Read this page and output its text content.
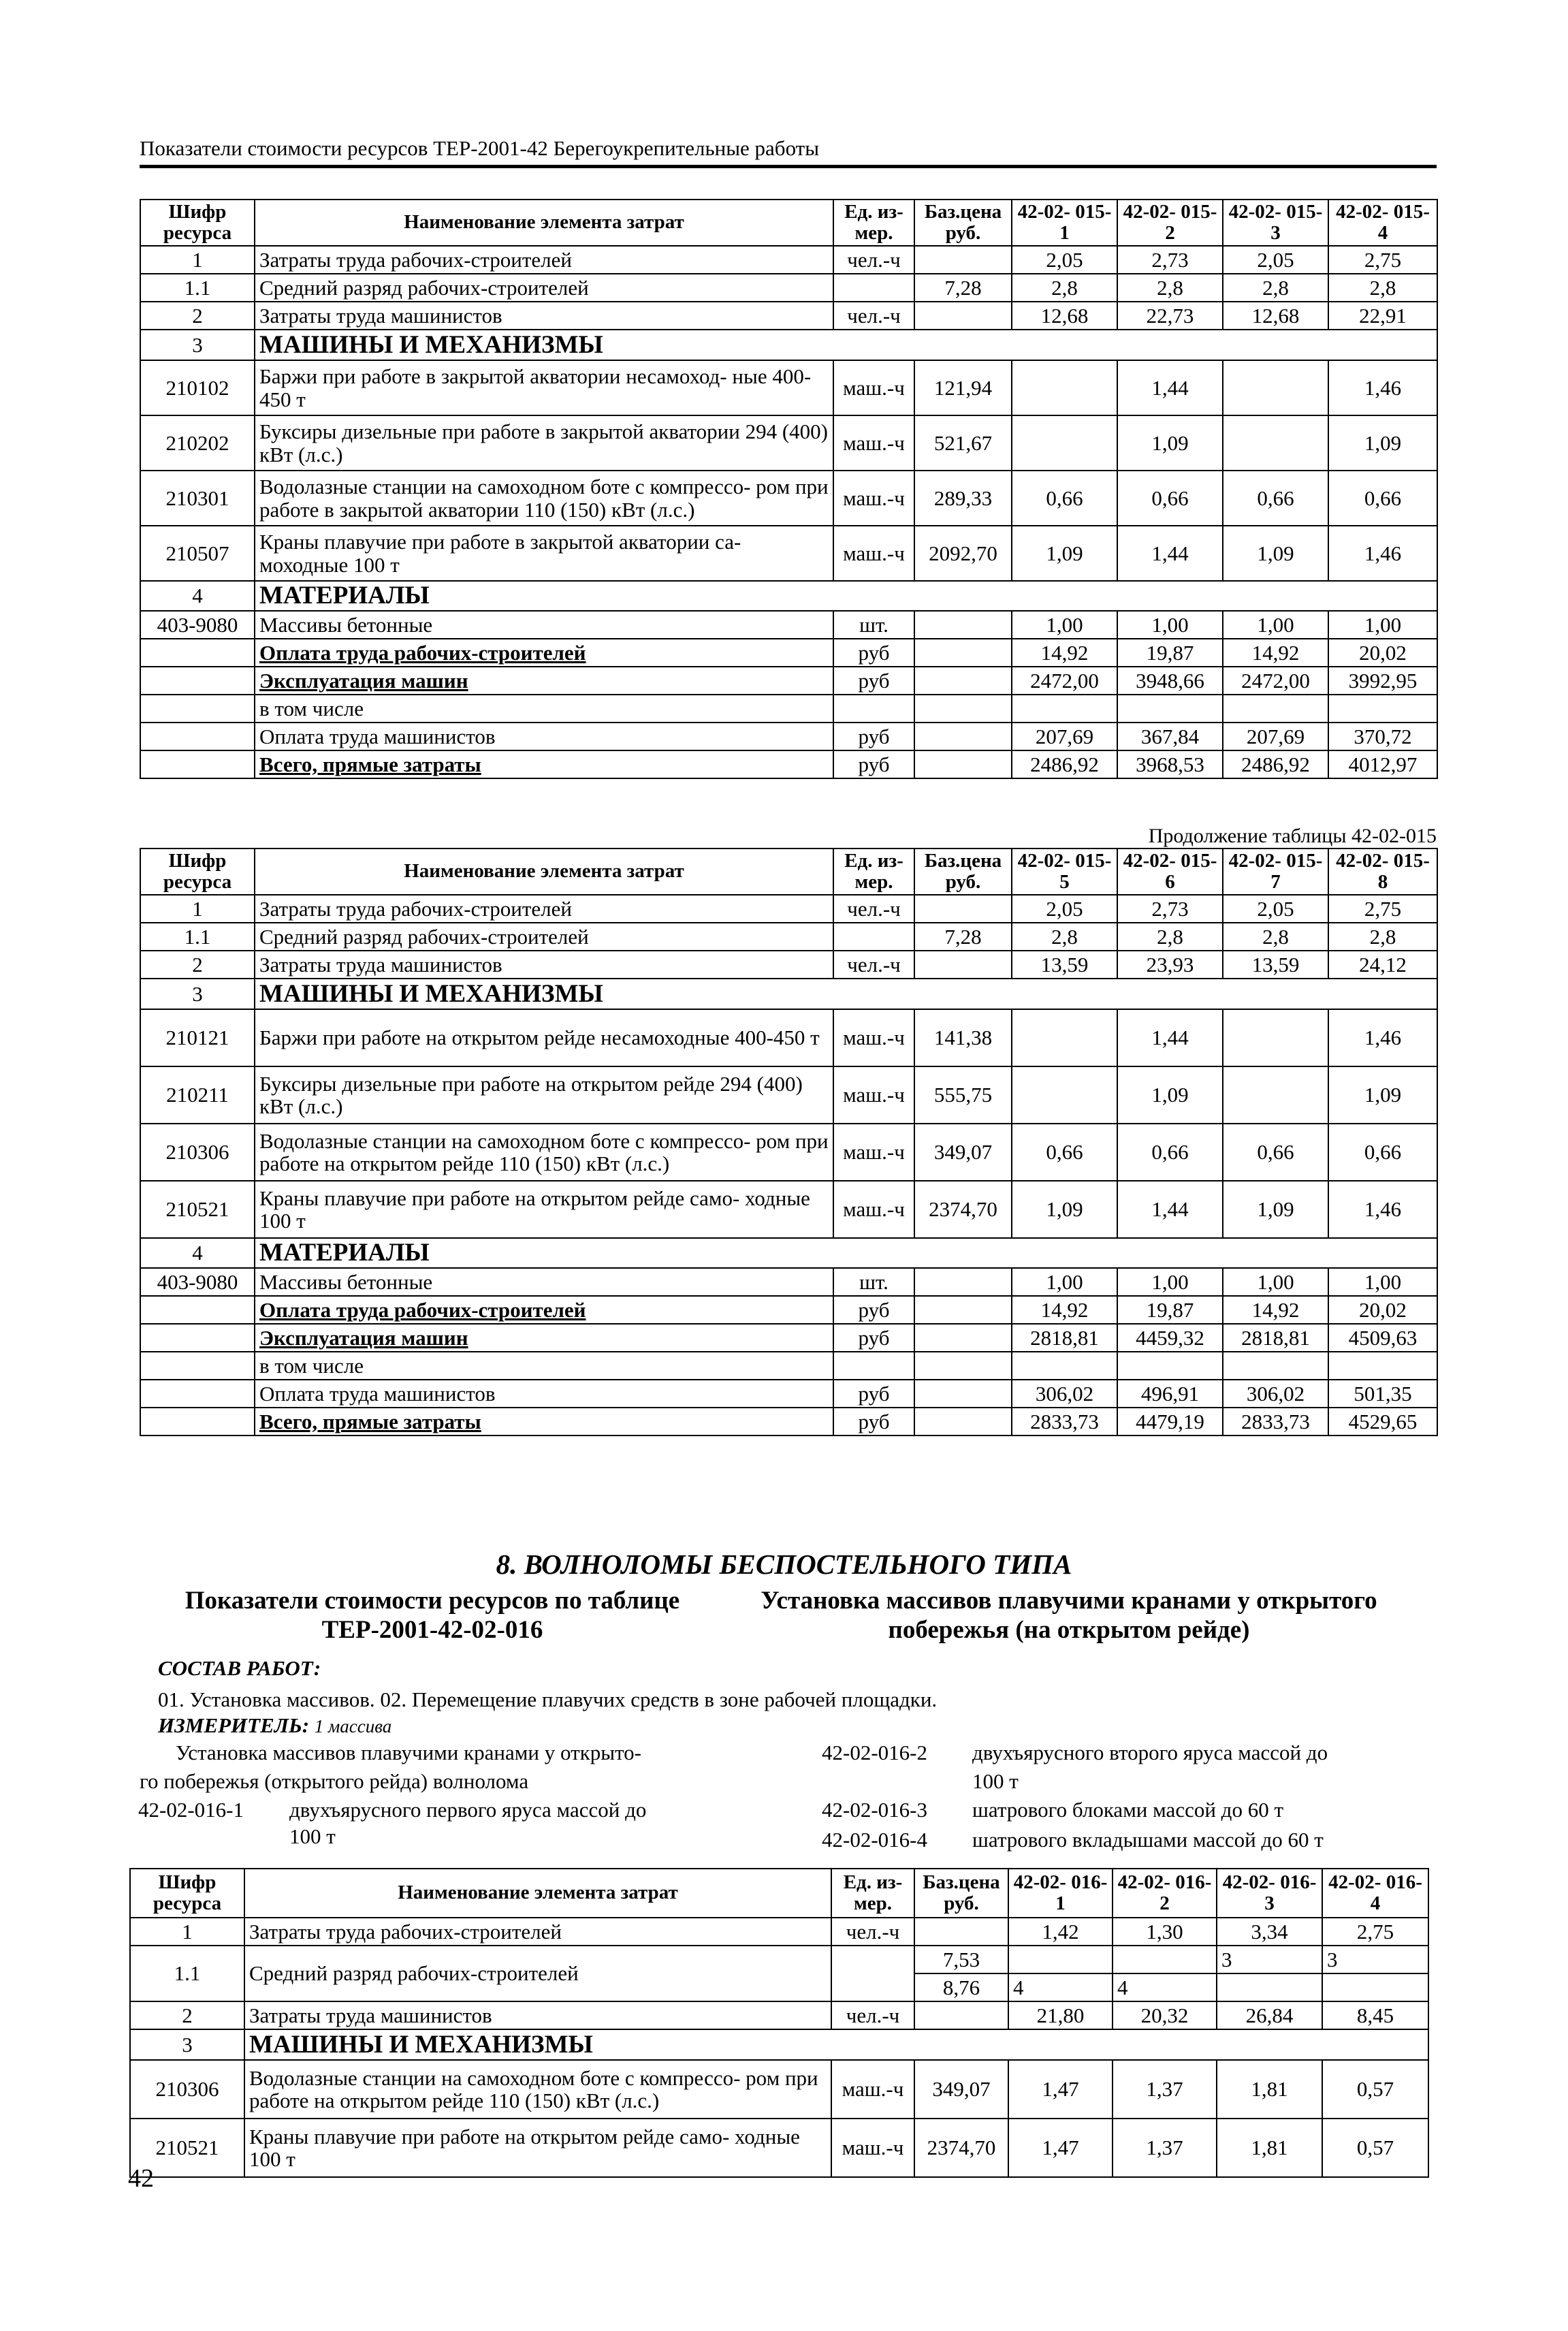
Показатели стоимости ресурсов ТЕР-2001-42 Берегоукрепительные работы
Шифр ресурса	Наименование элемента затрат	Ед. из- мер.	Баз.цена руб.	42-02- 015-1	42-02- 015-2	42-02- 015-3	42-02- 015-4
1	Затраты труда рабочих-строителей	чел.-ч		2,05	2,73	2,05	2,75
1.1	Средний разряд рабочих-строителей		7,28	2,8	2,8	2,8	2,8
2	Затраты труда машинистов	чел.-ч		12,68	22,73	12,68	22,91
3	МАШИНЫ И МЕХАНИЗМЫ						
210102	Баржи при работе в закрытой акватории несамоход- ные 400-450 т	маш.-ч	121,94		1,44		1,46
210202	Буксиры дизельные при работе в закрытой акватории 294 (400) кВт (л.с.)	маш.-ч	521,67		1,09		1,09
210301	Водолазные станции на самоходном боте с компрессо- ром при работе в закрытой акватории 110 (150) кВт (л.с.)	маш.-ч	289,33	0,66	0,66	0,66	0,66
210507	Краны плавучие при работе в закрытой акватории са- моходные 100 т	маш.-ч	2092,70	1,09	1,44	1,09	1,46
4	МАТЕРИАЛЫ						
403-9080	Массивы бетонные	шт.		1,00	1,00	1,00	1,00
	Оплата труда рабочих-строителей	руб		14,92	19,87	14,92	20,02
	Эксплуатация машин	руб		2472,00	3948,66	2472,00	3992,95
	в том числе						
	Оплата труда машинистов	руб		207,69	367,84	207,69	370,72
	Всего, прямые затраты	руб		2486,92	3968,53	2486,92	4012,97
Продолжение таблицы 42-02-015
Шифр ресурса	Наименование элемента затрат	Ед. из- мер.	Баз.цена руб.	42-02- 015-5	42-02- 015-6	42-02- 015-7	42-02- 015-8
1	Затраты труда рабочих-строителей	чел.-ч		2,05	2,73	2,05	2,75
1.1	Средний разряд рабочих-строителей		7,28	2,8	2,8	2,8	2,8
2	Затраты труда машинистов	чел.-ч		13,59	23,93	13,59	24,12
3	МАШИНЫ И МЕХАНИЗМЫ						
210121	Баржи при работе на открытом рейде несамоходные 400-450 т	маш.-ч	141,38		1,44		1,46
210211	Буксиры дизельные при работе на открытом рейде 294 (400) кВт (л.с.)	маш.-ч	555,75		1,09		1,09
210306	Водолазные станции на самоходном боте с компрессо- ром при работе на открытом рейде 110 (150) кВт (л.с.)	маш.-ч	349,07	0,66	0,66	0,66	0,66
210521	Краны плавучие при работе на открытом рейде само- ходные 100 т	маш.-ч	2374,70	1,09	1,44	1,09	1,46
4	МАТЕРИАЛЫ						
403-9080	Массивы бетонные	шт.		1,00	1,00	1,00	1,00
	Оплата труда рабочих-строителей	руб		14,92	19,87	14,92	20,02
	Эксплуатация машин	руб		2818,81	4459,32	2818,81	4509,63
	в том числе						
	Оплата труда машинистов	руб		306,02	496,91	306,02	501,35
	Всего, прямые затраты	руб		2833,73	4479,19	2833,73	4529,65
8. ВОЛНОЛОМЫ БЕСПОСТЕЛЬНОГО ТИПА
Показатели стоимости ресурсов по таблице ТЕР-2001-42-02-016
Установка массивов плавучими кранами у открытого побережья (на открытом рейде)
СОСТАВ РАБОТ:
01. Установка массивов. 02. Перемещение плавучих средств в зоне рабочей площадки.
ИЗМЕРИТЕЛЬ: 1 массива
Установка массивов плавучими кранами у открыто-
го побережья (открытого рейда) волнолома
42-02-016-1 двухъярусного первого яруса массой до
100 т
42-02-016-2 двухъярусного второго яруса массой до
100 т
42-02-016-3 шатрового блоками массой до 60 т
42-02-016-4 шатрового вкладышами массой до 60 т
Шифр ресурса	Наименование элемента затрат	Ед. из- мер.	Баз.цена руб.	42-02- 016-1	42-02- 016-2	42-02- 016-3	42-02- 016-4
1	Затраты труда рабочих-строителей	чел.-ч		1,42	1,30	3,34	2,75
1.1	Средний разряд рабочих-строителей		7,53			3	3
			8,76	4	4		
2	Затраты труда машинистов	чел.-ч		21,80	20,32	26,84	8,45
3	МАШИНЫ И МЕХАНИЗМЫ						
210306	Водолазные станции на самоходном боте с компрессо- ром при работе на открытом рейде 110 (150) кВт (л.с.)	маш.-ч	349,07	1,47	1,37	1,81	0,57
210521	Краны плавучие при работе на открытом рейде само- ходные 100 т	маш.-ч	2374,70	1,47	1,37	1,81	0,57
42
